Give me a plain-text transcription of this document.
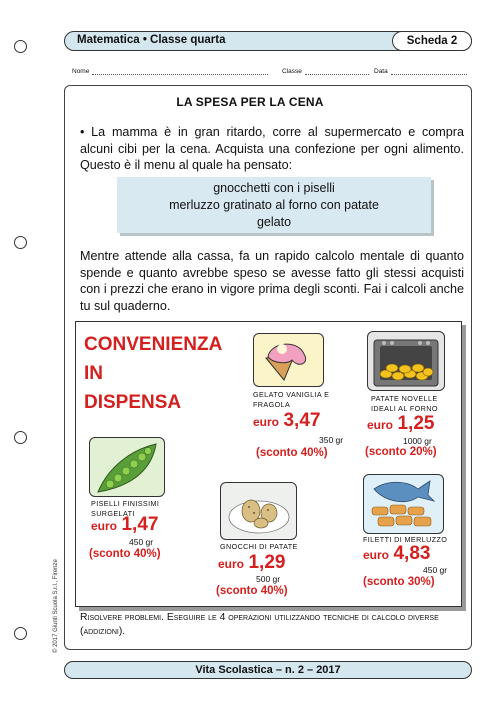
Matematica • Classe quarta	Scheda 2
Nome	Classe	Data
LA SPESA PER LA CENA
• La mamma è in gran ritardo, corre al supermercato e compra alcuni cibi per la cena. Acquista una confezione per ogni alimento. Questo è il menu al quale ha pensato:
gnocchetti con i piselli
merluzzo gratinato al forno con patate
gelato
Mentre attende alla cassa, fa un rapido calcolo mentale di quanto spende e quanto avrebbe speso se avesse fatto gli stessi acquisti con i prezzi che erano in vigore prima degli sconti. Fai i calcoli anche tu sul quaderno.
CONVENIENZA
IN
DISPENSA	GELATO VANIGLIA E FRAGOLA
euro 3,47
350 gr
(sconto 40%)
PATATE NOVELLE IDEALI AL FORNO
euro 1,25
1000 gr
(sconto 20%)
PISELLI FINISSIMI SURGELATI
euro 1,47
450 gr
(sconto 40%)
GNOCCHI DI PATATE
euro 1,29
500 gr
(sconto 40%)
FILETTI DI MERLUZZO
euro 4,83
450 gr
(sconto 30%)
Risolvere problemi. Eseguire le 4 operazioni utilizzando tecniche di calcolo diverse (addizioni).
© 2017 Giunti Scuola S.r.l., Firenze
Vita Scolastica – n. 2 – 2017
